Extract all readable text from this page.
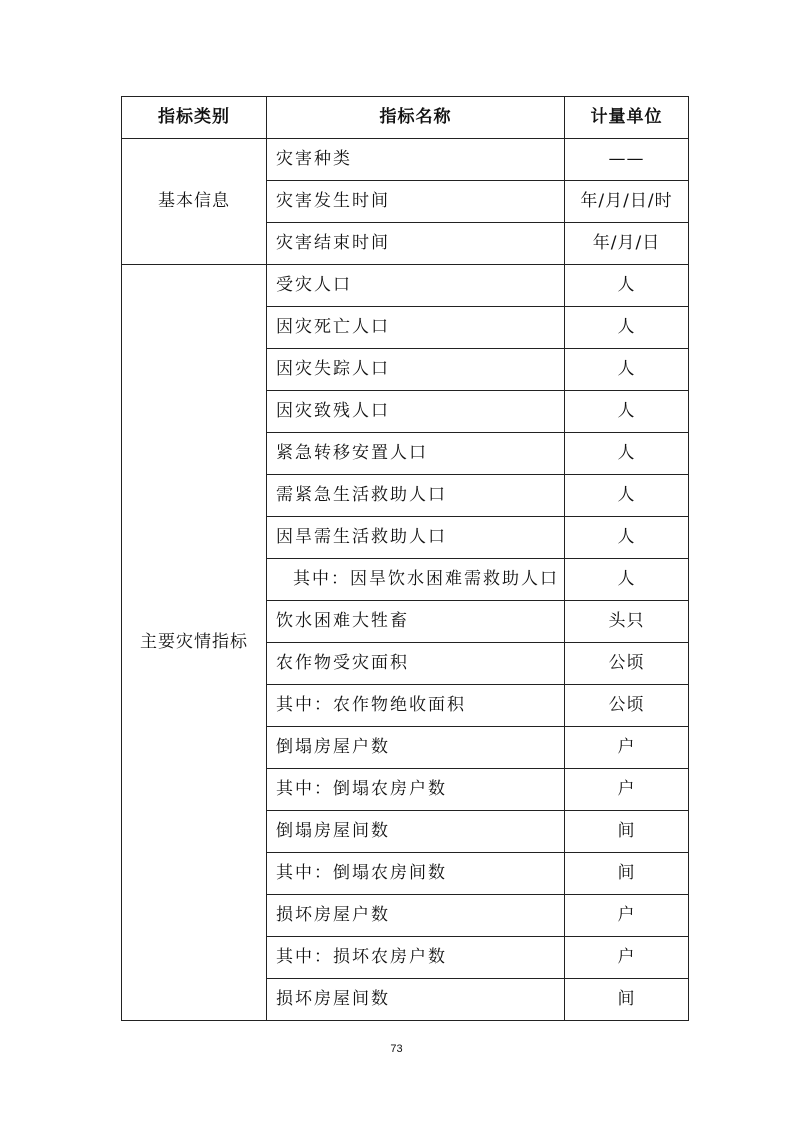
指标类别	指标名称	计量单位
基本信息	灾害种类	——
	灾害发生时间	年/月/日/时
	灾害结束时间	年/月/日
主要灾情指标	受灾人口	人
	因灾死亡人口	人
	因灾失踪人口	人
	因灾致残人口	人
	紧急转移安置人口	人
	需紧急生活救助人口	人
	因旱需生活救助人口	人
	其中：因旱饮水困难需救助人口	人
	饮水困难大牲畜	头只
	农作物受灾面积	公顷
	其中：农作物绝收面积	公顷
	倒塌房屋户数	户
	其中：倒塌农房户数	户
	倒塌房屋间数	间
	其中：倒塌农房间数	间
	损坏房屋户数	户
	其中：损坏农房户数	户
	损坏房屋间数	间
73
